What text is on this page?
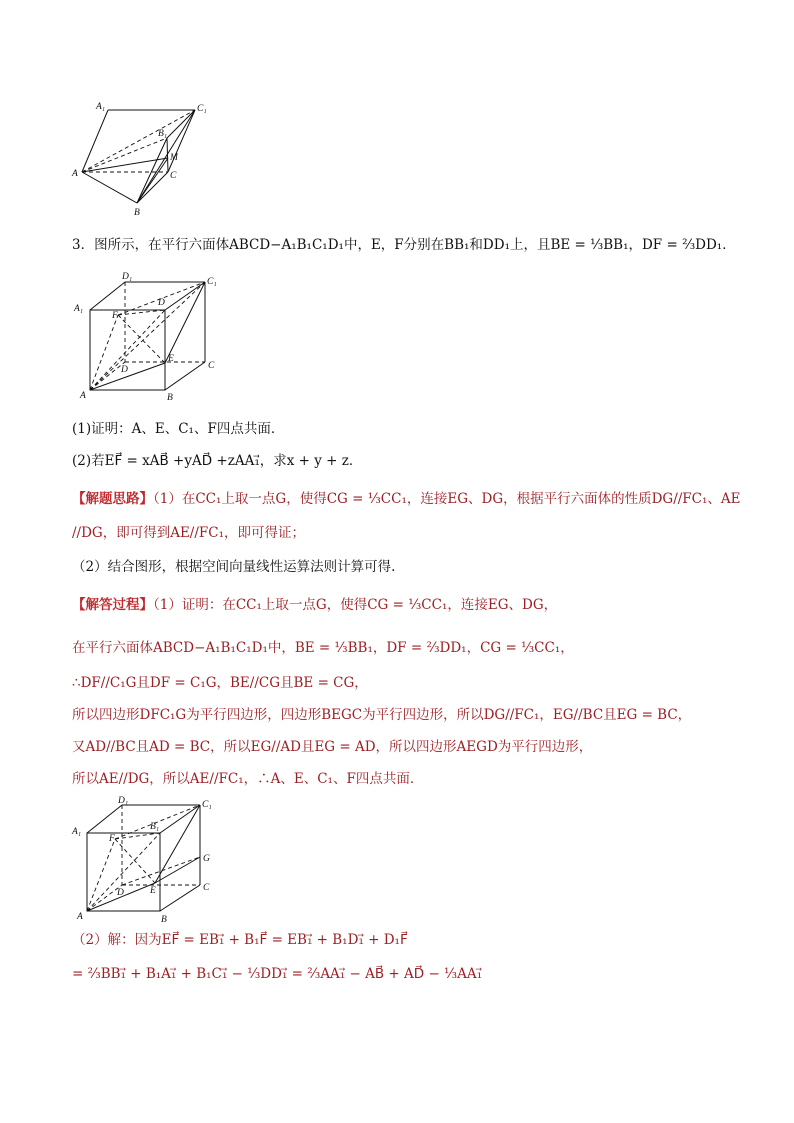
A₁	C₁
B₁
M
A	C
B
3．图所示，在平行六面体ABCD−A₁B₁C₁D₁中，E，F分别在BB₁和DD₁上，且BE = ⅓BB₁，DF = ⅔DD₁．
D₁	C₁
A₁
F
D
E
D	C
A	B
(1)证明：A、E、C₁、F四点共面．
(2)若EF⃗ = xAB⃗ +yAD⃗ +zAA₁⃗，求x + y + z．
【解题思路】（1）在CC₁上取一点G，使得CG = ⅓CC₁，连接EG、DG，根据平行六面体的性质DG//FC₁、AE
//DG，即可得到AE//FC₁，即可得证；
（2）结合图形，根据空间向量线性运算法则计算可得.
【解答过程】（1）证明：在CC₁上取一点G，使得CG = ⅓CC₁，连接EG、DG，
在平行六面体ABCD−A₁B₁C₁D₁中，BE = ⅓BB₁，DF = ⅔DD₁，CG = ⅓CC₁，
∴DF//C₁G且DF = C₁G，BE//CG且BE = CG，
所以四边形DFC₁G为平行四边形，四边形BEGC为平行四边形，所以DG//FC₁，EG//BC且EG = BC，
又AD//BC且AD = BC，所以EG//AD且EG = AD，所以四边形AEGD为平行四边形，
所以AE//DG，所以AE//FC₁，∴A、E、C₁、F四点共面．
D₁	C₁
A₁
F
B₁
G
D	E	C
A	B
（2）解：因为EF⃗ = EB₁⃗ + B₁F⃗ = EB₁⃗ + B₁D₁⃗ + D₁F⃗
= ⅔BB₁⃗ + B₁A₁⃗ + B₁C₁⃗ − ⅓DD₁⃗ = ⅔AA₁⃗ − AB⃗ + AD⃗ − ⅓AA₁⃗
